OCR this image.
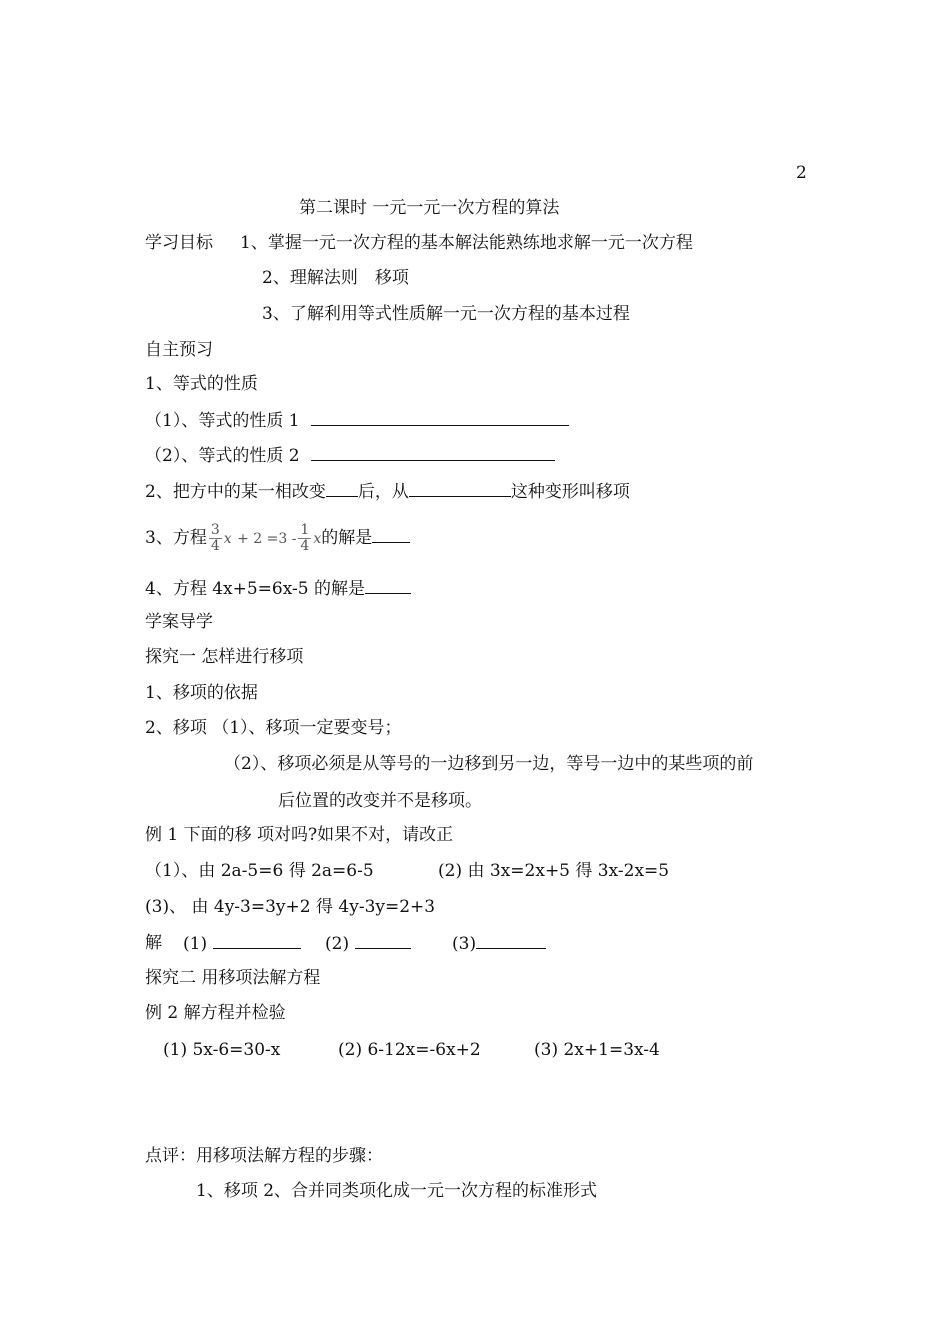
2
第二课时 一元一元一次方程的算法
学习目标 1、掌握一元一次方程的基本解法能熟练地求解一元一次方程
2、理解法则　移项
3、了解利用等式性质解一元一次方程的基本过程
自主预习
1、等式的性质
（1）、等式的性质 1
（2）、等式的性质 2
2、把方中的某一相改变 后，从	这种变形叫移项
3、方程 $\frac{3}{4}$ $x + 2 =3 - \frac{1}{4}$ x的解是
4、方程 4x+5=6x-5 的解是
学案导学
探究一 怎样进行移项
1、移项的依据
2、移项 （1）、移项一定要变号；
（2）、移项必须是从等号的一边移到另一边，等号一边中的某些项的前
后位置的改变并不是移项。
例 1 下面的移 项对吗?如果不对，请改正
（1）、由 2a-5=6 得 2a=6-5	(2) 由 3x=2x+5 得 3x-2x=5
(3)、 由 4y-3=3y+2 得 4y-3y=2+3
解 (1)	(2)	(3)
探究二 用移项法解方程
例 2 解方程并检验
(1) 5x-6=30-x	(2) 6-12x=-6x+2	(3) 2x+1=3x-4
点评：用移项法解方程的步骤：
1、移项 2、合并同类项化成一元一次方程的标准形式
